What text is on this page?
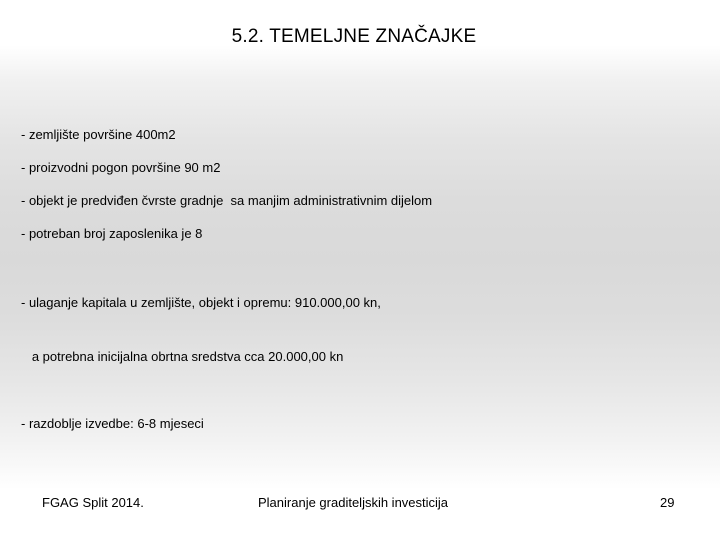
5.2. TEMELJNE ZNAČAJKE
- zemljište površine 400m2
- proizvodni pogon površine 90 m2
- objekt je predviđen čvrste gradnje  sa manjim administrativnim dijelom
- potreban broj zaposlenika je 8

- ulaganje kapitala u zemljište, objekt i opremu: 910.000,00 kn,

a potrebna inicijalna obrtna sredstva cca 20.000,00 kn

- razdoblje izvedbe: 6-8 mjeseci
FGAG Split 2014.	Planiranje graditeljskih investicija	29
